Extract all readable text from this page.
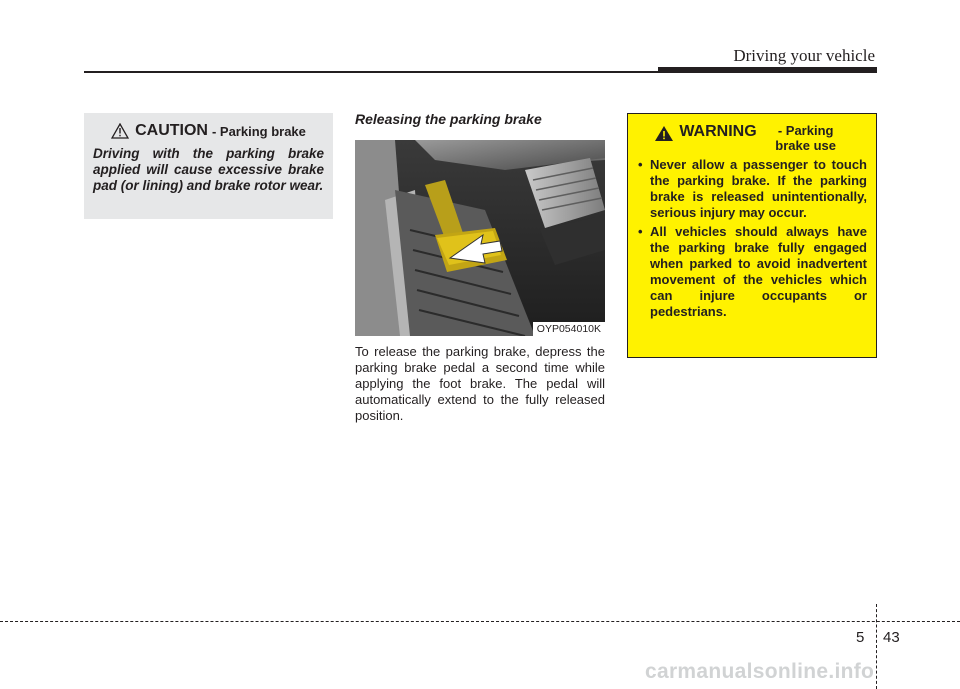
Driving your vehicle
CAUTION - Parking brake

Driving with the parking brake applied will cause excessive brake pad (or lining) and brake rotor wear.

Releasing the parking brake
OYP054010K

To release the parking brake, depress the parking brake pedal a second time while applying the foot brake. The pedal will automatically extend to the fully released position.

WARNING	- Parking brake use
• Never allow a passenger to touch the parking brake. If the parking brake is released unintentionally, serious injury may occur.
• All vehicles should always have the parking brake fully engaged when parked to avoid inadvertent movement of the vehicles which can injure occupants or pedestrians.
5 43
carmanualsonline.info
